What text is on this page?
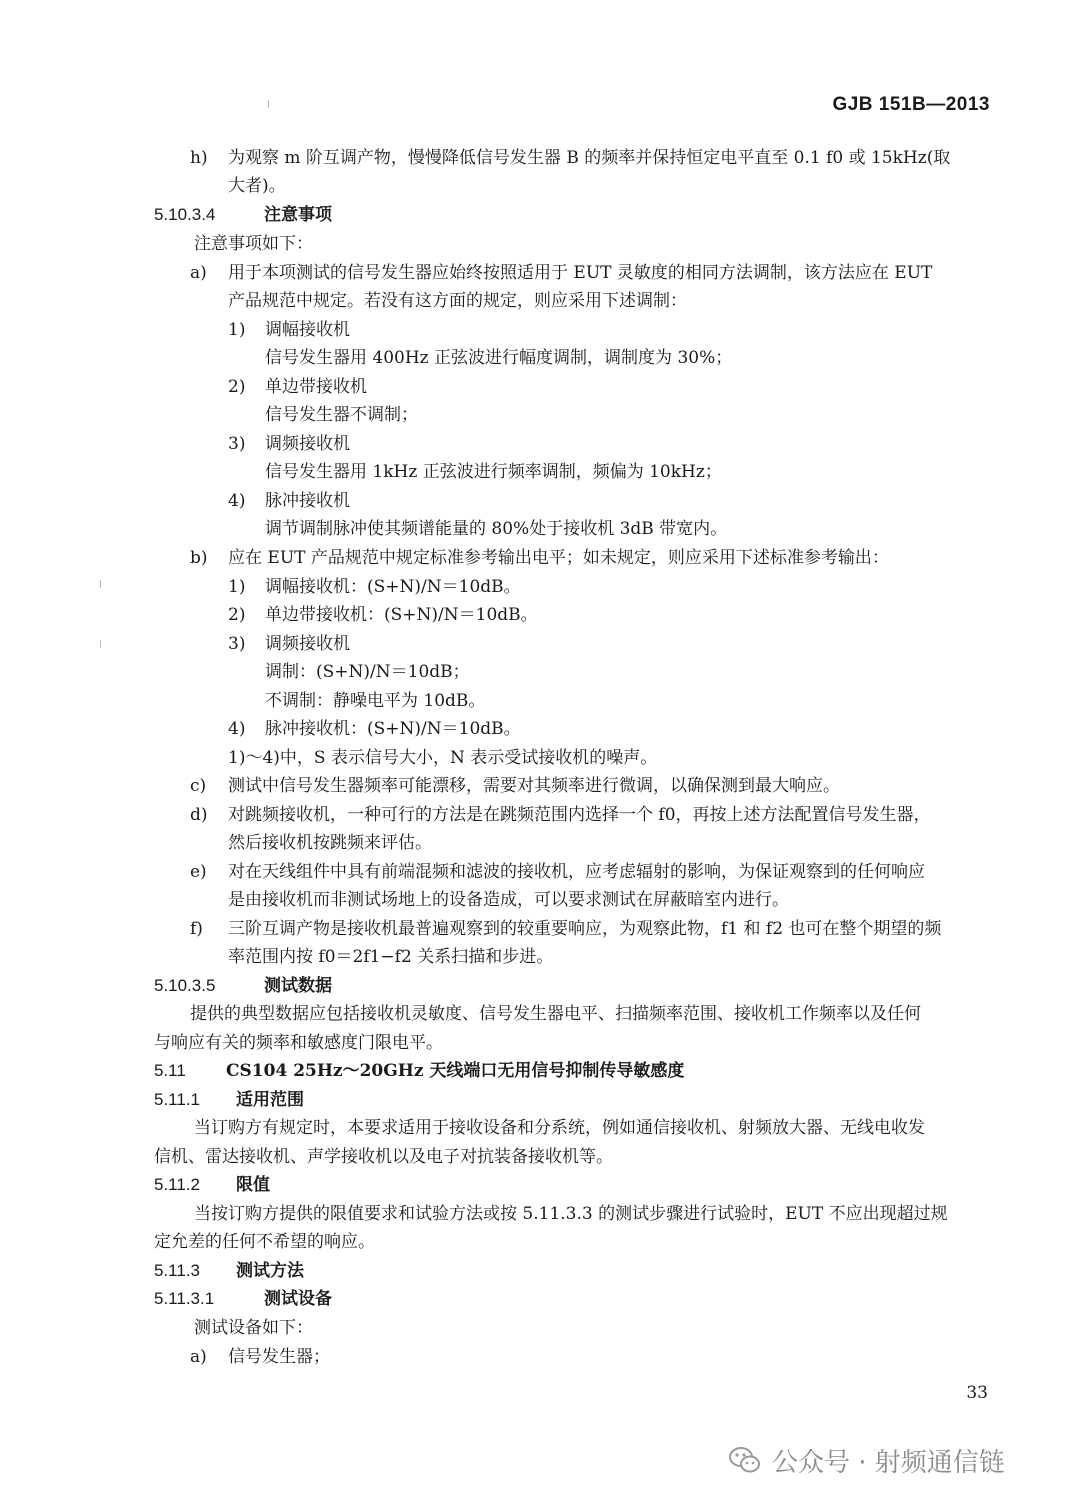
GJB 151B—2013
h) 为观察 m 阶互调产物，慢慢降低信号发生器 B 的频率并保持恒定电平直至 0.1 f0 或 15kHz(取
大者)。
注意事项如下：
a) 用于本项测试的信号发生器应始终按照适用于 EUT 灵敏度的相同方法调制，该方法应在 EUT
产品规范中规定。若没有这方面的规定，则应采用下述调制：
1) 调幅接收机
信号发生器用 400Hz 正弦波进行幅度调制，调制度为 30%；
2) 单边带接收机
信号发生器不调制；
3) 调频接收机
信号发生器用 1kHz 正弦波进行频率调制，频偏为 10kHz；
4) 脉冲接收机
调节调制脉冲使其频谱能量的 80%处于接收机 3dB 带宽内。
b) 应在 EUT 产品规范中规定标准参考输出电平；如未规定，则应采用下述标准参考输出：
1) 调幅接收机：(S+N)/N＝10dB。
2) 单边带接收机：(S+N)/N＝10dB。
3) 调频接收机
调制：(S+N)/N＝10dB；
不调制：静噪电平为 10dB。
4) 脉冲接收机：(S+N)/N＝10dB。
1)～4)中，S 表示信号大小，N 表示受试接收机的噪声。
c) 测试中信号发生器频率可能漂移，需要对其频率进行微调，以确保测到最大响应。
d) 对跳频接收机，一种可行的方法是在跳频范围内选择一个 f0，再按上述方法配置信号发生器，
然后接收机按跳频来评估。
e) 对在天线组件中具有前端混频和滤波的接收机，应考虑辐射的影响，为保证观察到的任何响应
是由接收机而非测试场地上的设备造成，可以要求测试在屏蔽暗室内进行。
f) 三阶互调产物是接收机最普遍观察到的较重要响应，为观察此物，f1 和 f2 也可在整个期望的频
率范围内按 f0＝2f1−f2 关系扫描和步进。
提供的典型数据应包括接收机灵敏度、信号发生器电平、扫描频率范围、接收机工作频率以及任何
与响应有关的频率和敏感度门限电平。
当订购方有规定时，本要求适用于接收设备和分系统，例如通信接收机、射频放大器、无线电收发
信机、雷达接收机、声学接收机以及电子对抗装备接收机等。
当按订购方提供的限值要求和试验方法或按 5.11.3.3 的测试步骤进行试验时，EUT 不应出现超过规
定允差的任何不希望的响应。
测试设备如下：
a) 信号发生器；
5.10.3.4	注意事项
5.10.3.5	测试数据
5.11 CS104 25Hz～20GHz 天线端口无用信号抑制传导敏感度
5.11.1 适用范围
5.11.2 限值
5.11.3 测试方法
5.11.3.1	测试设备
33
公众号 · 射频通信链
